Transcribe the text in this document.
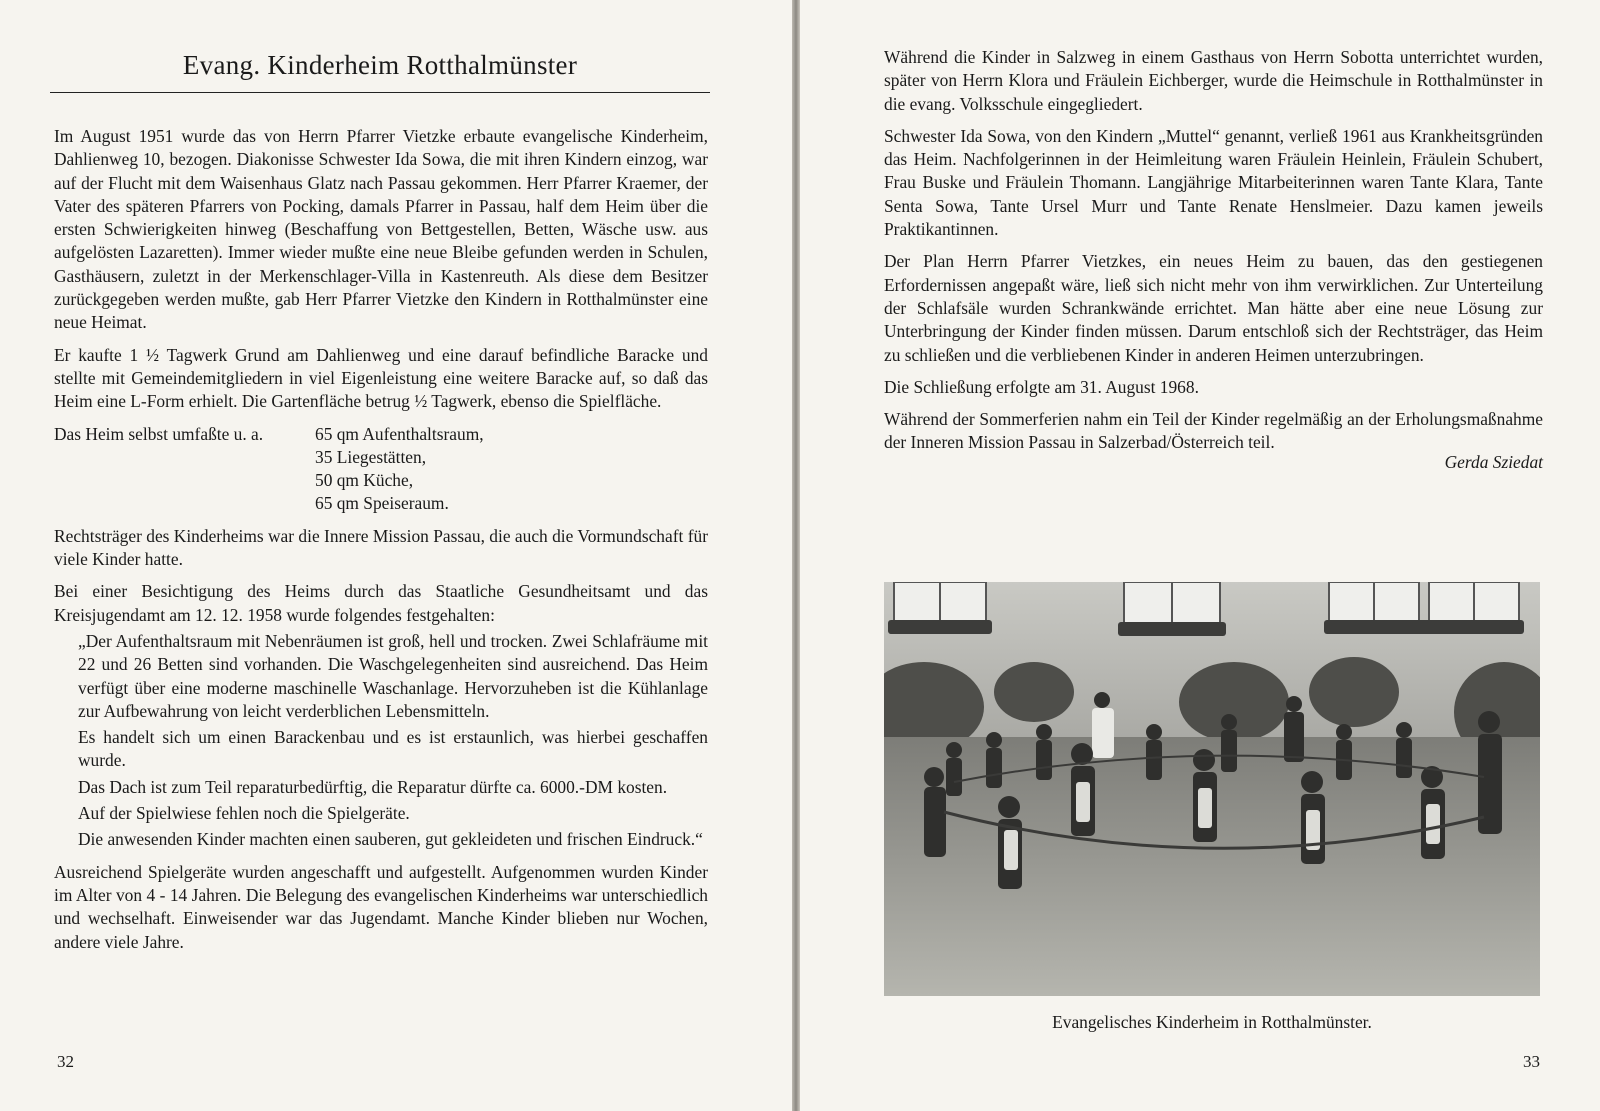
Evang. Kinderheim Rotthalmünster

Im August 1951 wurde das von Herrn Pfarrer Vietzke erbaute evangelische Kinderheim, Dahlienweg 10, bezogen. Diakonisse Schwester Ida Sowa, die mit ihren Kindern einzog, war auf der Flucht mit dem Waisenhaus Glatz nach Passau gekommen. Herr Pfarrer Kraemer, der Vater des späteren Pfarrers von Pocking, damals Pfarrer in Passau, half dem Heim über die ersten Schwierigkeiten hinweg (Beschaffung von Bettgestellen, Betten, Wäsche usw. aus aufgelösten Lazaretten). Immer wieder mußte eine neue Bleibe gefunden werden in Schulen, Gasthäusern, zuletzt in der Merkenschlager-Villa in Kastenreuth. Als diese dem Besitzer zurückgegeben werden mußte, gab Herr Pfarrer Vietzke den Kindern in Rotthalmünster eine neue Heimat.

Er kaufte 1 ½ Tagwerk Grund am Dahlienweg und eine darauf befindliche Baracke und stellte mit Gemeindemitgliedern in viel Eigenleistung eine weitere Baracke auf, so daß das Heim eine L-Form erhielt. Die Gartenfläche betrug ½ Tagwerk, ebenso die Spielfläche.

Das Heim selbst umfaßte u. a.	65 qm Aufenthaltsraum,
35 Liegestätten,
50 qm Küche,
65 qm Speiseraum.

Rechtsträger des Kinderheims war die Innere Mission Passau, die auch die Vormundschaft für viele Kinder hatte.

Bei einer Besichtigung des Heims durch das Staatliche Gesundheitsamt und das Kreisjugendamt am 12. 12. 1958 wurde folgendes festgehalten:

„Der Aufenthaltsraum mit Nebenräumen ist groß, hell und trocken. Zwei Schlafräume mit 22 und 26 Betten sind vorhanden. Die Waschgelegenheiten sind ausreichend. Das Heim verfügt über eine moderne maschinelle Waschanlage. Hervorzuheben ist die Kühlanlage zur Aufbewahrung von leicht verderblichen Lebensmitteln.

Es handelt sich um einen Barackenbau und es ist erstaunlich, was hierbei geschaffen wurde.

Das Dach ist zum Teil reparaturbedürftig, die Reparatur dürfte ca. 6000.-DM kosten.

Auf der Spielwiese fehlen noch die Spielgeräte.

Die anwesenden Kinder machten einen sauberen, gut gekleideten und frischen Eindruck.“

Ausreichend Spielgeräte wurden angeschafft und aufgestellt. Aufgenommen wurden Kinder im Alter von 4 - 14 Jahren. Die Belegung des evangelischen Kinderheims war unterschiedlich und wechselhaft. Einweisender war das Jugendamt. Manche Kinder blieben nur Wochen, andere viele Jahre.

32

Während die Kinder in Salzweg in einem Gasthaus von Herrn Sobotta unterrichtet wurden, später von Herrn Klora und Fräulein Eichberger, wurde die Heimschule in Rotthalmünster in die evang. Volksschule eingegliedert.

Schwester Ida Sowa, von den Kindern „Muttel“ genannt, verließ 1961 aus Krankheitsgründen das Heim. Nachfolgerinnen in der Heimleitung waren Fräulein Heinlein, Fräulein Schubert, Frau Buske und Fräulein Thomann. Langjährige Mitarbeiterinnen waren Tante Klara, Tante Senta Sowa, Tante Ursel Murr und Tante Renate Henslmeier. Dazu kamen jeweils Praktikantinnen.

Der Plan Herrn Pfarrer Vietzkes, ein neues Heim zu bauen, das den gestiegenen Erfordernissen angepaßt wäre, ließ sich nicht mehr von ihm verwirklichen. Zur Unterteilung der Schlafsäle wurden Schrankwände errichtet. Man hätte aber eine neue Lösung zur Unterbringung der Kinder finden müssen. Darum entschloß sich der Rechtsträger, das Heim zu schließen und die verbliebenen Kinder in anderen Heimen unterzubringen.

Die Schließung erfolgte am 31. August 1968.

Während der Sommerferien nahm ein Teil der Kinder regelmäßig an der Erholungsmaßnahme der Inneren Mission Passau in Salzerbad/Österreich teil.

Gerda Sziedat
Evangelisches Kinderheim in Rotthalmünster.
33
